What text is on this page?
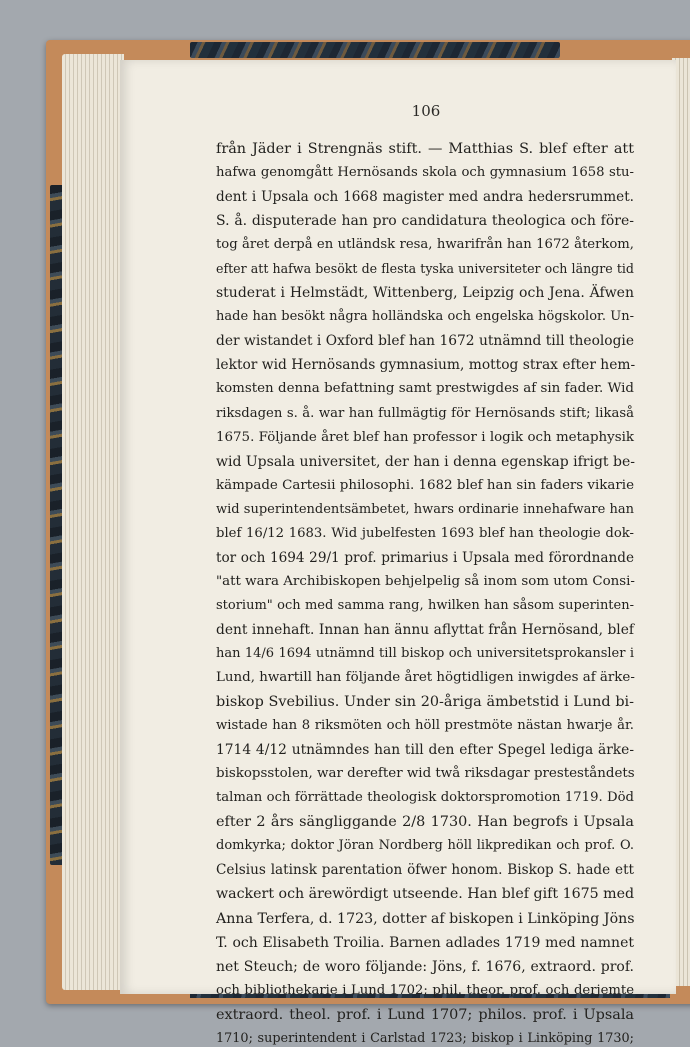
106
från Jäder i Strengnäs stift. — Matthias S. blef efter att
hafwa genomgått Hernösands skola och gymnasium 1658 stu-
dent i Upsala och 1668 magister med andra hedersrummet.
S. å. disputerade han pro candidatura theologica och före-
tog året derpå en utländsk resa, hwarifrån han 1672 återkom,
efter att hafwa besökt de flesta tyska universiteter och längre tid
studerat i Helmstädt, Wittenberg, Leipzig och Jena. Äfwen
hade han besökt några holländska och engelska högskolor. Un-
der wistandet i Oxford blef han 1672 utnämnd till theologie
lektor wid Hernösands gymnasium, mottog strax efter hem-
komsten denna befattning samt prestwigdes af sin fader. Wid
riksdagen s. å. war han fullmägtig för Hernösands stift; likaså
1675. Följande året blef han professor i logik och metaphysik
wid Upsala universitet, der han i denna egenskap ifrigt be-
kämpade Cartesii philosophi. 1682 blef han sin faders vikarie
wid superintendentsämbetet, hwars ordinarie innehafware han
blef 16/12 1683. Wid jubelfesten 1693 blef han theologie dok-
tor och 1694 29/1 prof. primarius i Upsala med förordnande
"att wara Archibiskopen behjelpelig så inom som utom Consi-
storium" och med samma rang, hwilken han såsom superinten-
dent innehaft. Innan han ännu aflyttat från Hernösand, blef
han 14/6 1694 utnämnd till biskop och universitetsprokansler i
Lund, hwartill han följande året högtidligen inwigdes af ärke-
biskop Svebilius. Under sin 20-åriga ämbetstid i Lund bi-
wistade han 8 riksmöten och höll prestmöte nästan hwarje år.
1714 4/12 utnämndes han till den efter Spegel lediga ärke-
biskopsstolen, war derefter wid twå riksdagar presteståndets
talman och förrättade theologisk doktorspromotion 1719. Död
efter 2 års sängliggande 2/8 1730. Han begrofs i Upsala
domkyrka; doktor Jöran Nordberg höll likpredikan och prof. O.
Celsius latinsk parentation öfwer honom. Biskop S. hade ett
wackert och ärewördigt utseende. Han blef gift 1675 med
Anna Terfera, d. 1723, dotter af biskopen i Linköping Jöns
T. och Elisabeth Troilia. Barnen adlades 1719 med namnet
net Steuch; de woro följande: Jöns, f. 1676, extraord. prof.
och bibliothekarie i Lund 1702; phil. theor. prof. och derjemte
extraord. theol. prof. i Lund 1707; philos. prof. i Upsala
1710; superintendent i Carlstad 1723; biskop i Linköping 1730;
